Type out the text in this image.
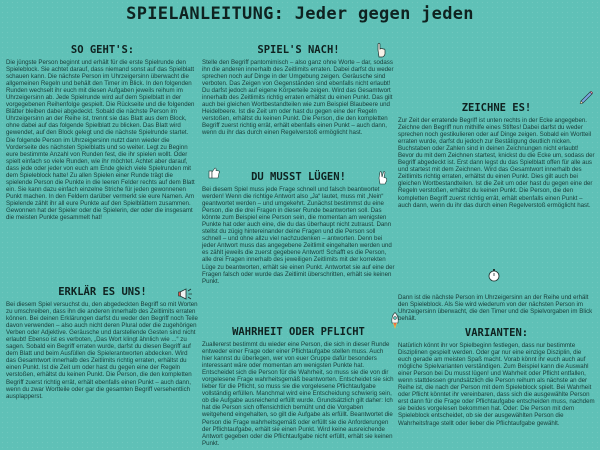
SPIELANLEITUNG: Jeder gegen jeden
SO GEHT'S:

Die jüngste Person beginnt und erhält für die erste Spielrunde den Spieleblock. Sie achtet darauf, dass niemand sonst auf das Spielblatt schauen kann. Die nächste Person im Uhrzeigersinn überwacht die allgemeinen Regeln und behält den Timer im Blick. In den folgenden Runden wechselt ihr euch mit diesen Aufgaben jeweils reihum im Uhrzeigersinn ab. Jede Spielrunde wird auf dem Spielblatt in der vorgegebenen Reihenfolge gespielt. Die Rückseite und die folgenden Blätter bleiben dabei abgedeckt. Sobald die nächste Person im Uhrzeigersinn an der Reihe ist, trennt sie das Blatt aus dem Block, ohne dabei auf das folgende Spielblatt zu blicken. Das Blatt wird gewendet, auf den Block gelegt und die nächste Spielrunde startet. Die folgende Person im Uhrzeigersinn nutzt dann wieder die Vorderseite des nächsten Spielblatts und so weiter. Legt zu Beginn eure bestimmte Anzahl von Runden fest, die ihr spielen wollt. Oder spielt einfach so viele Runden, wie ihr möchtet. Achtet aber darauf, dass jede oder jeder von euch am Ende gleich viele Spielrunden mit dem Spieleblock hatte! Zu allen Spielen einer Runde trägt die spielende Person die Punkte in die leeren Felder rechts auf dem Blatt ein. Sie kann dazu einfach einzelne Striche für jeden gewonnenen Punkt machen. In den Feldern darüber vermerkt sie eure Namen. Am Spielende zählt ihr all eure Punkte auf den Spielblättern zusammen. Gewonnen hat der Spieler oder die Spielerin, der oder die insgesamt die meisten Punkte gesammelt hat!

ERKLÄR ES UNS!

Bei diesem Spiel versuchst du, den abgedeckten Begriff so mit Worten zu umschreiben, dass ihn die anderen innerhalb des Zeitlimits erraten können. Bei deinen Erklärungen darfst du weder den Begriff noch Teile davon verwenden – also auch nicht deren Plural oder die zugehörigen Verben oder Adjektive. Geräusche und darstellende Gesten sind nicht erlaubt! Ebenso ist es verboten, „Das Wort klingt ähnlich wie ...“ zu sagen. Sobald ein Begriff erraten wurde, darfst du diesen Begriff auf dem Blatt und beim Ausfüllen die Spielerantworten abdecken. Wird das Gesamtwort innerhalb des Zeitlimits richtig erraten, erhältst du einen Punkt. Ist die Zeit um oder hast du gegen eine der Regeln verstoßen, erhältst du keinen Punkt. Die Person, die den kompletten Begriff zuerst richtig errät, erhält ebenfalls einen Punkt – auch dann, wenn du zwar Wortteile oder gar die gesamten Begriff versehentlich ausplapperst.

SPIEL'S NACH!

Stelle den Begriff pantomimisch – also ganz ohne Worte – dar, sodass ihn die anderen innerhalb des Zeitlimits erraten. Dabei darfst du weder sprechen noch auf Dinge in der Umgebung zeigen. Geräusche sind verboten. Das Zeigen von Gegenständen sind ebenfalls nicht erlaubt! Du darfst jedoch auf eigene Körperteile zeigen. Wird das Gesamtwort innerhalb des Zeitlimits richtig erraten erhältst du einen Punkt. Das gilt auch bei gleichen Wortbestandteilen wie zum Beispiel Blaubeere und Heidelbeere. Ist die Zeit um oder hast du gegen eine der Regeln verstoßen, erhältst du keinen Punkt. Die Person, die den kompletten Begriff zuerst richtig errät, erhält ebenfalls einen Punkt – auch dann, wenn du ihr das durch einen Regelverstoß ermöglicht hast.

DU MUSST LÜGEN!

Bei diesem Spiel muss jede Frage schnell und falsch beantwortet werden! Wenn die richtige Antwort also „Ja“ lautet, muss mit „Nein“ geantwortet werden – und umgekehrt. Zunächst bestimmst du eine Person, die die drei Fragen in dieser Runde beantworten soll. Das könnte zum Beispiel eine Person sein, die momentan am wenigsten Punkte hat oder auch eine, die du das überhaupt nicht zutraust. Dann stellst du zügig hintereinander deine Fragen und die Person soll schnell – und ohne allzu viel nachzudenken – antworten. Denn bei jeder Antwort muss das angegebene Zeitlimit eingehalten werden und es zählt jeweils die zuerst gegebene Antwort! Schafft es die Person, alle drei Fragen innerhalb des jeweiligen Zeitlimits mit der korrekten Lüge zu beantworten, erhält sie einen Punkt. Antwortet sie auf eine der Fragen falsch oder wurde das Zeitlimit überschritten, erhält sie keinen Punkt.

WAHRHEIT ODER PFLICHT

Zuallererst bestimmt du wieder eine Person, die sich in dieser Runde entweder einer Frage oder einer Pflichtaufgabe stellen muss. Auch hier kannst du überlegen, wer von euer Gruppe dafür besonders interessant wäre oder momentan am wenigsten Punkte hat. Entscheidet sich die Person für die Wahrheit, so muss sie die von dir vorgelesene Frage wahrheitsgemäß beantworten. Entscheidet sie sich lieber für die Pflicht, so muss sie die vorgelesene Pflichtaufgabe vollständig erfüllen. Manchmal wird eine Entscheidung schwierig sein, ob die Aufgabe ausreichend erfüllt wurde. Grundsätzlich gilt daher: Ich hat die Person sich offensichtlich bemüht und die Vorgaben weitgehend eingehalten, so gilt die Aufgabe als erfüllt. Beantwortet die Person die Frage wahrheitsgemäß oder erfüllt sie die Anforderungen der Pflichtaufgabe, erhält sie einen Punkt. Wird keine ausreichende Antwort gegeben oder die Pflichtaufgabe nicht erfüllt, erhält sie keinen Punkt.

ZEICHNE ES!

Zur Zeit der erratende Begriff ist unten rechts in der Ecke angegeben. Zeichne den Begriff nun mithilfe eines Stiftes! Dabei darfst du weder sprechen noch gestikulieren oder auf Dinge zeigen. Sobald ein Wortteil erraten wurde, darfst du jedoch zur Bestätigung deutlich nicken. Buchstaben oder Zahlen sind in deinen Zeichnungen nicht erlaubt! Bevor du mit dem Zeichnen startest, knickst du die Ecke um, sodass der Begriff abgedeckt ist. Erst dann legst du das Spielblatt offen für alle aus und startest mit dem Zeichnen. Wird das Gesamtwort innerhalb des Zeitlimits richtig erraten, erhältst du einen Punkt. Dies gilt auch bei gleichen Wortbestandteilen. Ist die Zeit um oder hast du gegen eine der Regeln verstoßen, erhältst du keinen Punkt. Die Person, die den kompletten Begriff zuerst richtig errät, erhält ebenfalls einen Punkt – auch dann, wenn du ihr das durch einen Regelverstoß ermöglicht hast.

Dann ist die nächste Person im Uhrzeigersinn an der Reihe und erhält den Spieleblock. Als Sie wird wiederum von der nächsten Person im Uhrzeigersinn überwacht, die den Timer und die Spielvorgaben im Blick behält.

VARIANTEN:

Natürlich könnt ihr vor Spielbeginn festlegen, dass nur bestimmte Disziplinen gespielt werden. Oder gar nur eine einzige Disziplin, die euch gerade am meisten Spaß macht. Vorab könnt ihr euch auch auf mögliche Spielvarianten verständigen. Zum Beispiel kann die Auswahl einer Person bei Du musst lügen! und Wahrheit oder Pflicht entfallen, wenn stattdessen grundsätzlich die Person reihum als nächste an der Reihe ist, die nach der Person mit dem Spieleblock spielt. Bei Wahrheit oder Pflicht könntet ihr vereinbaren, dass sich die ausgewählte Person erst dann für die Frage oder Pflichtaufgabe entscheiden muss, nachdem sie beides vorgelesen bekommen hat. Oder: Die Person mit dem Spieleblock entscheidet, ob sie der ausgewählten Person die Wahrheitsfrage stellt oder lieber die Pflichtaufgabe gewählt.
